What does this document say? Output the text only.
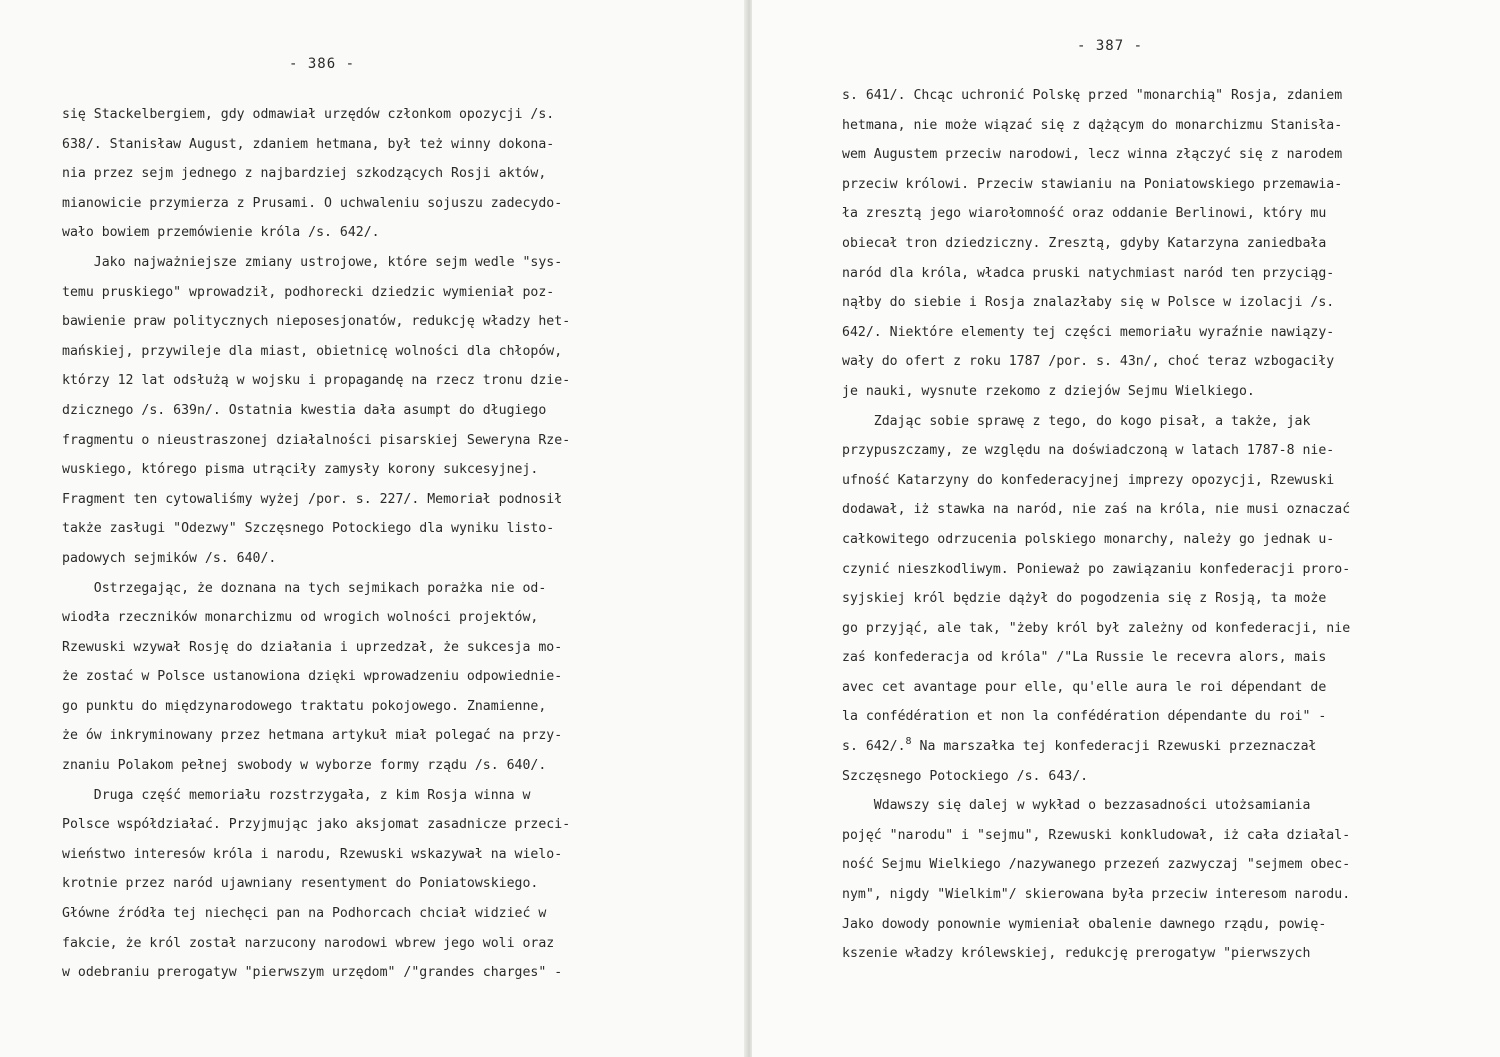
- 386 -
się Stackelbergiem, gdy odmawiał urzędów członkom opozycji /s.
638/. Stanisław August, zdaniem hetmana, był też winny dokona-
nia przez sejm jednego z najbardziej szkodzących Rosji aktów,
mianowicie przymierza z Prusami. O uchwaleniu sojuszu zadecydo-
wało bowiem przemówienie króla /s. 642/.
Jako najważniejsze zmiany ustrojowe, które sejm wedle "sys-
temu pruskiego" wprowadził, podhorecki dziedzic wymieniał poz-
bawienie praw politycznych nieposesjonatów, redukcję władzy het-
mańskiej, przywileje dla miast, obietnicę wolności dla chłopów,
którzy 12 lat odsłużą w wojsku i propagandę na rzecz tronu dzie-
dzicznego /s. 639n/. Ostatnia kwestia dała asumpt do długiego
fragmentu o nieustraszonej działalności pisarskiej Seweryna Rze-
wuskiego, którego pisma utrąciły zamysły korony sukcesyjnej.
Fragment ten cytowaliśmy wyżej /por. s. 227/. Memoriał podnosił
także zasługi "Odezwy" Szczęsnego Potockiego dla wyniku listo-
padowych sejmików /s. 640/.
Ostrzegając, że doznana na tych sejmikach porażka nie od-
wiodła rzeczników monarchizmu od wrogich wolności projektów,
Rzewuski wzywał Rosję do działania i uprzedzał, że sukcesja mo-
że zostać w Polsce ustanowiona dzięki wprowadzeniu odpowiednie-
go punktu do międzynarodowego traktatu pokojowego. Znamienne,
że ów inkryminowany przez hetmana artykuł miał polegać na przy-
znaniu Polakom pełnej swobody w wyborze formy rządu /s. 640/.
Druga część memoriału rozstrzygała, z kim Rosja winna w
Polsce współdziałać. Przyjmując jako aksjomat zasadnicze przeci-
wieństwo interesów króla i narodu, Rzewuski wskazywał na wielo-
krotnie przez naród ujawniany resentyment do Poniatowskiego.
Główne źródła tej niechęci pan na Podhorcach chciał widzieć w
fakcie, że król został narzucony narodowi wbrew jego woli oraz
w odebraniu prerogatyw "pierwszym urzędom" /"grandes charges" -
- 387 -
s. 641/. Chcąc uchronić Polskę przed "monarchią" Rosja, zdaniem
hetmana, nie może wiązać się z dążącym do monarchizmu Stanisła-
wem Augustem przeciw narodowi, lecz winna złączyć się z narodem
przeciw królowi. Przeciw stawianiu na Poniatowskiego przemawia-
ła zresztą jego wiarołomność oraz oddanie Berlinowi, który mu
obiecał tron dziedziczny. Zresztą, gdyby Katarzyna zaniedbała
naród dla króla, władca pruski natychmiast naród ten przyciąg-
nąłby do siebie i Rosja znalazłaby się w Polsce w izolacji /s.
642/. Niektóre elementy tej części memoriału wyraźnie nawiązy-
wały do ofert z roku 1787 /por. s. 43n/, choć teraz wzbogaciły
je nauki, wysnute rzekomo z dziejów Sejmu Wielkiego.
Zdając sobie sprawę z tego, do kogo pisał, a także, jak
przypuszczamy, ze względu na doświadczoną w latach 1787-8 nie-
ufność Katarzyny do konfederacyjnej imprezy opozycji, Rzewuski
dodawał, iż stawka na naród, nie zaś na króla, nie musi oznaczać
całkowitego odrzucenia polskiego monarchy, należy go jednak u-
czynić nieszkodliwym. Ponieważ po zawiązaniu konfederacji proro-
syjskiej król będzie dążył do pogodzenia się z Rosją, ta może
go przyjąć, ale tak, "żeby król był zależny od konfederacji, nie
zaś konfederacja od króla" /"La Russie le recevra alors, mais
avec cet avantage pour elle, qu'elle aura le roi dépendant de
la confédération et non la confédération dépendante du roi" -
s. 642/.$^8$ Na marszałka tej konfederacji Rzewuski przeznaczał
Szczęsnego Potockiego /s. 643/.
Wdawszy się dalej w wykład o bezzasadności utożsamiania
pojęć "narodu" i "sejmu", Rzewuski konkludował, iż cała działal-
ność Sejmu Wielkiego /nazywanego przezeń zazwyczaj "sejmem obec-
nym", nigdy "Wielkim"/ skierowana była przeciw interesom narodu.
Jako dowody ponownie wymieniał obalenie dawnego rządu, powię-
kszenie władzy królewskiej, redukcję prerogatyw "pierwszych
